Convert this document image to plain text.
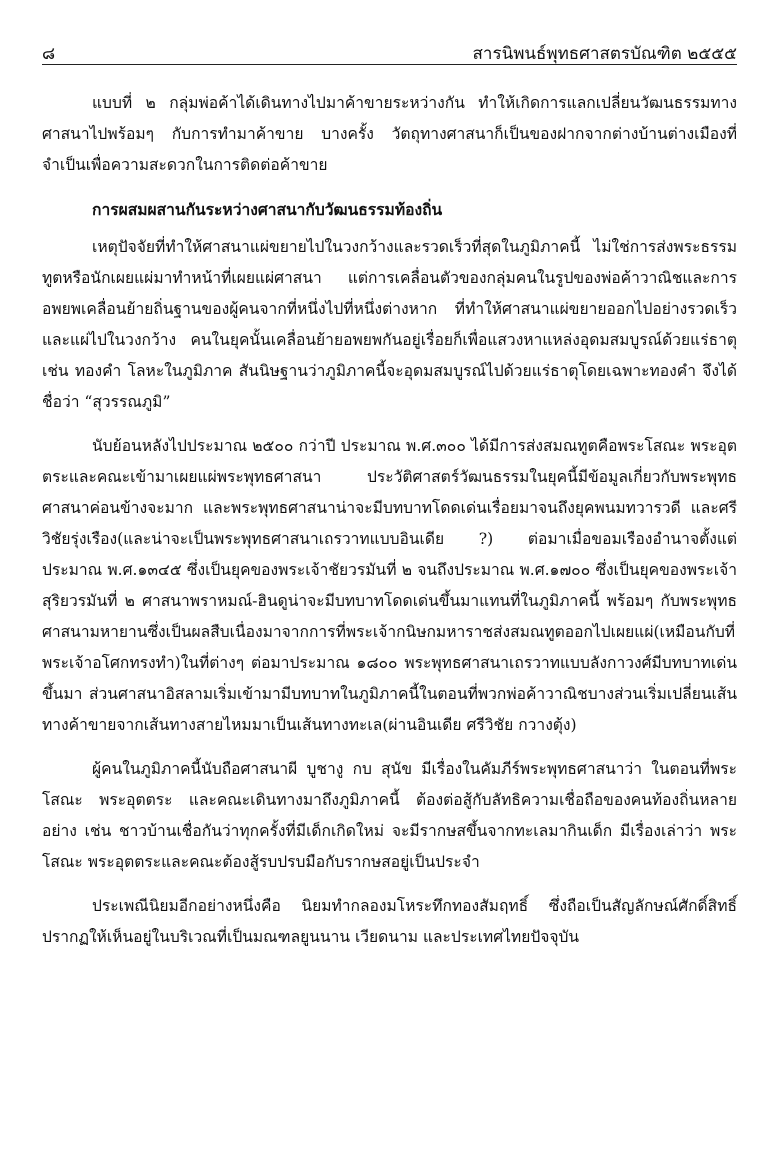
๘	สารนิพนธ์พุทธศาสตรบัณฑิต ๒๕๕๕

แบบที่ ๒ กลุ่มพ่อค้าได้เดินทางไปมาค้าขายระหว่างกัน ทำให้เกิดการแลกเปลี่ยนวัฒนธรรมทางศาสนาไปพร้อมๆ กับการทำมาค้าขาย บางครั้ง วัตถุทางศาสนาก็เป็นของฝากจากต่างบ้านต่างเมืองที่จำเป็นเพื่อความสะดวกในการติดต่อค้าขาย

การผสมผสานกันระหว่างศาสนากับวัฒนธรรมท้องถิ่น

เหตุปัจจัยที่ทำให้ศาสนาแผ่ขยายไปในวงกว้างและรวดเร็วที่สุดในภูมิภาคนี้ ไม่ใช่การส่งพระธรรมทูตหรือนักเผยแผ่มาทำหน้าที่เผยแผ่ศาสนา แต่การเคลื่อนตัวของกลุ่มคนในรูปของพ่อค้าวาณิชและการอพยพเคลื่อนย้ายถิ่นฐานของผู้คนจากที่หนึ่งไปที่หนึ่งต่างหาก ที่ทำให้ศาสนาแผ่ขยายออกไปอย่างรวดเร็วและแผ่ไปในวงกว้าง คนในยุคนั้นเคลื่อนย้ายอพยพกันอยู่เรื่อยก็เพื่อแสวงหาแหล่งอุดมสมบูรณ์ด้วยแร่ธาตุ เช่น ทองคำ โลหะในภูมิภาค สันนิษฐานว่าภูมิภาคนี้จะอุดมสมบูรณ์ไปด้วยแร่ธาตุโดยเฉพาะทองคำ จึงได้ชื่อว่า “สุวรรณภูมิ”

นับย้อนหลังไปประมาณ ๒๕๐๐ กว่าปี ประมาณ พ.ศ.๓๐๐ ได้มีการส่งสมณทูตคือพระโสณะ พระอุตตระและคณะเข้ามาเผยแผ่พระพุทธศาสนา ประวัติศาสตร์วัฒนธรรมในยุคนี้มีข้อมูลเกี่ยวกับพระพุทธศาสนาค่อนข้างจะมาก และพระพุทธศาสนาน่าจะมีบทบาทโดดเด่นเรื่อยมาจนถึงยุคพนมทวารวดี และศรีวิชัยรุ่งเรือง(และน่าจะเป็นพระพุทธศาสนาเถรวาทแบบอินเดีย ?) ต่อมาเมื่อขอมเรืองอำนาจตั้งแต่ประมาณ พ.ศ.๑๓๔๕ ซึ่งเป็นยุคของพระเจ้าชัยวรมันที่ ๒ จนถึงประมาณ พ.ศ.๑๗๐๐ ซึ่งเป็นยุคของพระเจ้าสุริยวรมันที่ ๒ ศาสนาพราหมณ์-ฮินดูน่าจะมีบทบาทโดดเด่นขึ้นมาแทนที่ในภูมิภาคนี้ พร้อมๆ กับพระพุทธศาสนามหายานซึ่งเป็นผลสืบเนื่องมาจากการที่พระเจ้ากนิษกมหาราชส่งสมณทูตออกไปเผยแผ่(เหมือนกับที่พระเจ้าอโศกทรงทำ)ในที่ต่างๆ ต่อมาประมาณ ๑๘๐๐ พระพุทธศาสนาเถรวาทแบบลังกาวงศ์มีบทบาทเด่นขึ้นมา ส่วนศาสนาอิสลามเริ่มเข้ามามีบทบาทในภูมิภาคนี้ในตอนที่พวกพ่อค้าวาณิชบางส่วนเริ่มเปลี่ยนเส้นทางค้าขายจากเส้นทางสายไหมมาเป็นเส้นทางทะเล(ผ่านอินเดีย ศรีวิชัย กวางตุ้ง)

ผู้คนในภูมิภาคนี้นับถือศาสนาผี บูชางู กบ สุนัข มีเรื่องในคัมภีร์พระพุทธศาสนาว่า ในตอนที่พระโสณะ พระอุตตระ และคณะเดินทางมาถึงภูมิภาคนี้ ต้องต่อสู้กับลัทธิความเชื่อถือของคนท้องถิ่นหลายอย่าง เช่น ชาวบ้านเชื่อกันว่าทุกครั้งที่มีเด็กเกิดใหม่ จะมีรากษสขึ้นจากทะเลมากินเด็ก มีเรื่องเล่าว่า พระโสณะ พระอุตตระและคณะต้องสู้รบปรบมือกับรากษสอยู่เป็นประจำ

ประเพณีนิยมอีกอย่างหนึ่งคือ นิยมทำกลองมโหระทึกทองสัมฤทธิ์ ซึ่งถือเป็นสัญลักษณ์ศักดิ์สิทธิ์ ปรากฏให้เห็นอยู่ในบริเวณที่เป็นมณฑลยูนนาน เวียดนาม และประเทศไทยปัจจุบัน
